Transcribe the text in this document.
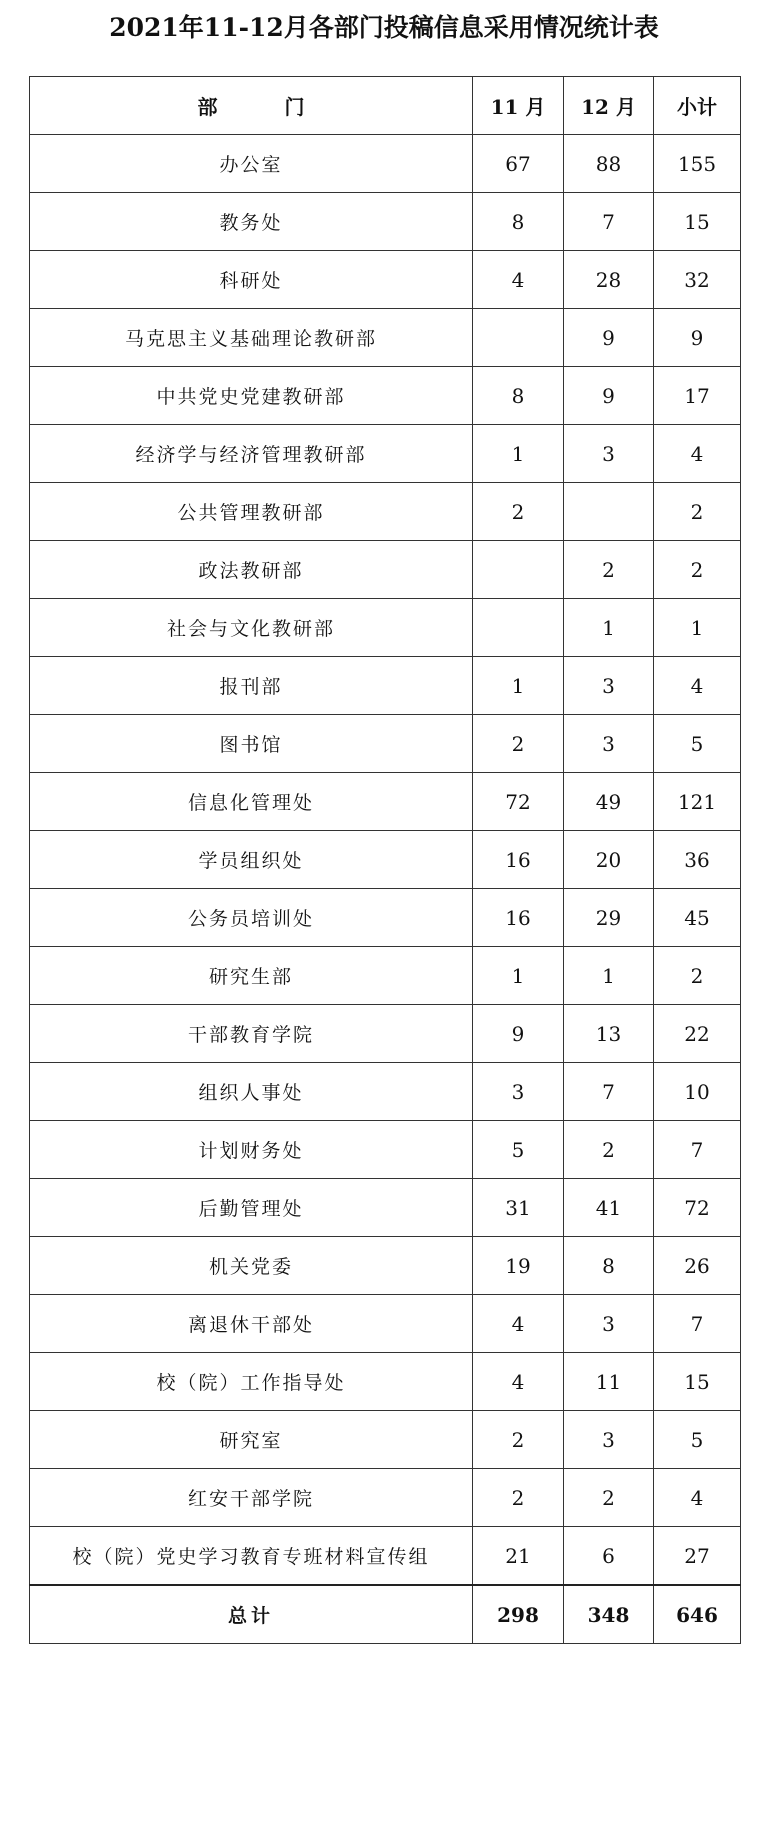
2021年11-12月各部门投稿信息采用情况统计表
部 门	11 月	12 月	小计
办公室	67	88	155
教务处	8	7	15
科研处	4	28	32
马克思主义基础理论教研部		9	9
中共党史党建教研部	8	9	17
经济学与经济管理教研部	1	3	4
公共管理教研部	2		2
政法教研部		2	2
社会与文化教研部		1	1
报刊部	1	3	4
图书馆	2	3	5
信息化管理处	72	49	121
学员组织处	16	20	36
公务员培训处	16	29	45
研究生部	1	1	2
干部教育学院	9	13	22
组织人事处	3	7	10
计划财务处	5	2	7
后勤管理处	31	41	72
机关党委	19	8	26
离退休干部处	4	3	7
校（院）工作指导处	4	11	15
研究室	2	3	5
红安干部学院	2	2	4
校（院）党史学习教育专班材料宣传组	21	6	27
总计	298	348	646
